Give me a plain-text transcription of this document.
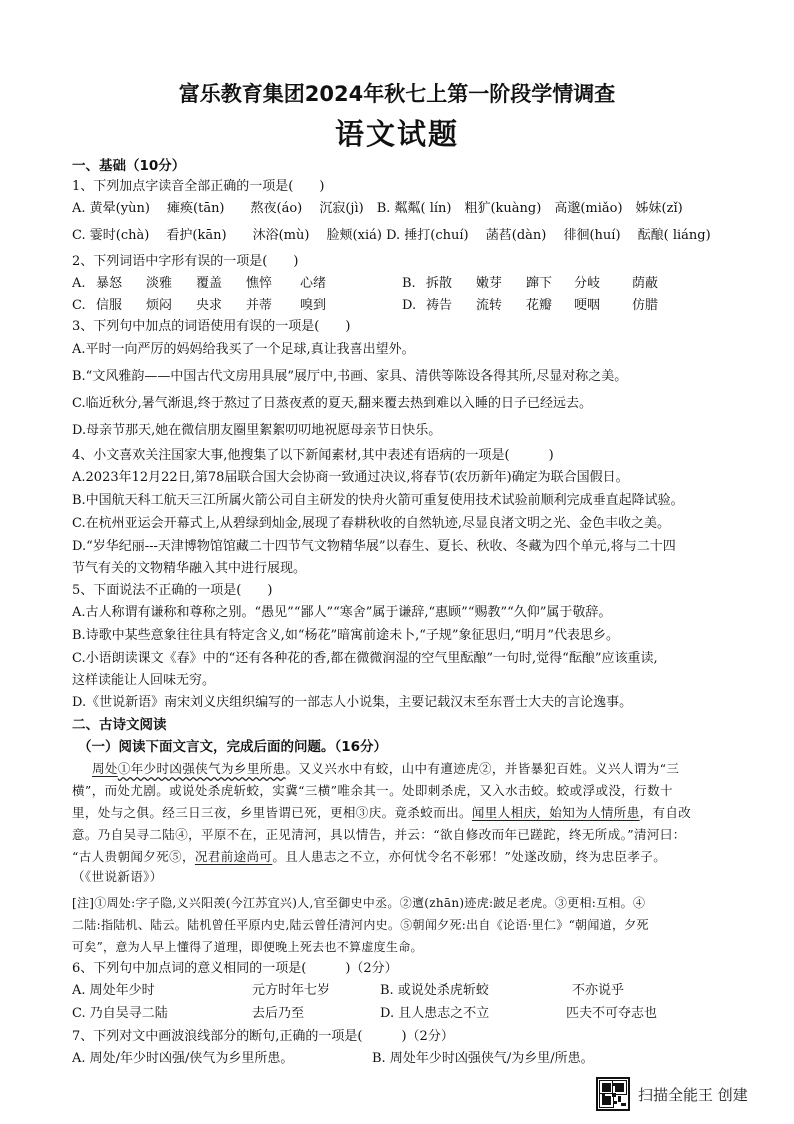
富乐教育集团2024年秋七上第一阶段学情调查
语文试题
一、基础（10分）
1、下列加点字读音全部正确的一项是(　　)
A. 黄晕(yùn)　 瘫痪(tān)　　熬夜(áo)　 沉寂(jì)　B. 粼粼( lín)　粗犷(kuàng)　高邈(miǎo)　姊妹(zǐ)
C. 霎时(chà)　 看护(kān)　　沐浴(mù)　 脸颊(xiá) D. 捶打(chuí)　 菡萏(dàn)　 徘徊(huí)　 酝酿( liáng)
2、下列词语中字形有误的一项是(　　)
A. 暴怒 淡雅 覆盖 憔悴 心绪	B. 拆散 嫩芽 蹿下 分岐 荫蔽
C. 信服 烦闷 央求 并蒂 嗅到	D. 祷告 流转 花瓣 哽咽 仿腊
3、下列句中加点的词语使用有误的一项是(　　)
A.平时一向严厉的妈妈给我买了一个足球,真让我喜出望外。
B.“文风雅韵——中国古代文房用具展”展厅中,书画、家具、清供等陈设各得其所,尽显对称之美。
C.临近秋分,暑气渐退,终于熬过了日蒸夜煮的夏天,翻来覆去热到难以入睡的日子已经远去。
D.母亲节那天,她在微信朋友圈里絮絮叨叨地祝愿母亲节日快乐。
4、小文喜欢关注国家大事,他搜集了以下新闻素材,其中表述有语病的一项是(　　　)
A.2023年12月22日,第78届联合国大会协商一致通过决议,将春节(农历新年)确定为联合国假日。
B.中国航天科工航天三江所属火箭公司自主研发的快舟火箭可重复使用技术试验前顺利完成垂直起降试验。
C.在杭州亚运会开幕式上,从碧绿到灿金,展现了春耕秋收的自然轨迹,尽显良渚文明之光、金色丰收之美。
D.“岁华纪丽---天津博物馆馆藏二十四节气文物精华展”以春生、夏长、秋收、冬藏为四个单元,将与二十四
节气有关的文物精华融入其中进行展现。
5、下面说法不正确的一项是(　　)
A.古人称谓有谦称和尊称之别。“愚见”“鄙人”“寒舍”属于谦辞,“惠顾”“赐教”“久仰”属于敬辞。
B.诗歌中某些意象往往具有特定含义,如“杨花”暗寓前途未卜,“子规”象征思归,“明月”代表思乡。
C.小语朗读课文《春》中的“还有各种花的香,都在微微润湿的空气里酝酿”一句时,觉得“酝酿”应该重读,
这样读能让人回味无穷。
D.《世说新语》南宋刘义庆组织编写的一部志人小说集，主要记载汉末至东晋士大夫的言论逸事。
二、古诗文阅读
（一）阅读下面文言文，完成后面的问题。（16分）
周处①年少时凶强侠气为乡里所患。又义兴水中有蛟，山中有邅迹虎②，并皆暴犯百姓。义兴人谓为“三
横”，而处尤剧。或说处杀虎斩蛟，实冀“三横”唯余其一。处即刺杀虎，又入水击蛟。蛟或浮或没，行数十
里，处与之俱。经三日三夜，乡里皆谓已死，更相③庆。竟杀蛟而出。闻里人相庆，始知为人情所患，有自改
意。乃自吴寻二陆④，平原不在，正见清河，具以情告，并云：“欲自修改而年已蹉跎，终无所成。”清河曰：
“古人贵朝闻夕死⑤，况君前途尚可。且人患志之不立，亦何忧令名不彰邪！”处遂改励，终为忠臣孝子。
（《世说新语》）
[注]①周处:字子隐,义兴阳羡(今江苏宜兴)人,官至御史中丞。②邅(zhān)迹虎:跛足老虎。③更相:互相。④
二陆:指陆机、陆云。陆机曾任平原内史,陆云曾任清河内史。⑤朝闻夕死:出自《论语·里仁》“朝闻道，夕死
可矣”，意为人早上懂得了道理，即便晚上死去也不算虚度生命。
6、下列句中加点词的意义相同的一项是(　　　)（2分）
A. 周处年少时	元方时年七岁	B. 或说处杀虎斩蛟	不亦说乎
C. 乃自吴寻二陆	去后乃至	D. 且人患志之不立	匹夫不可夺志也
7、下列对文中画波浪线部分的断句,正确的一项是(　　　)（2分）
A. 周处/年少时凶强/侠气为乡里所患。	B. 周处年少时凶强侠气/为乡里/所患。
扫描全能王 创建
